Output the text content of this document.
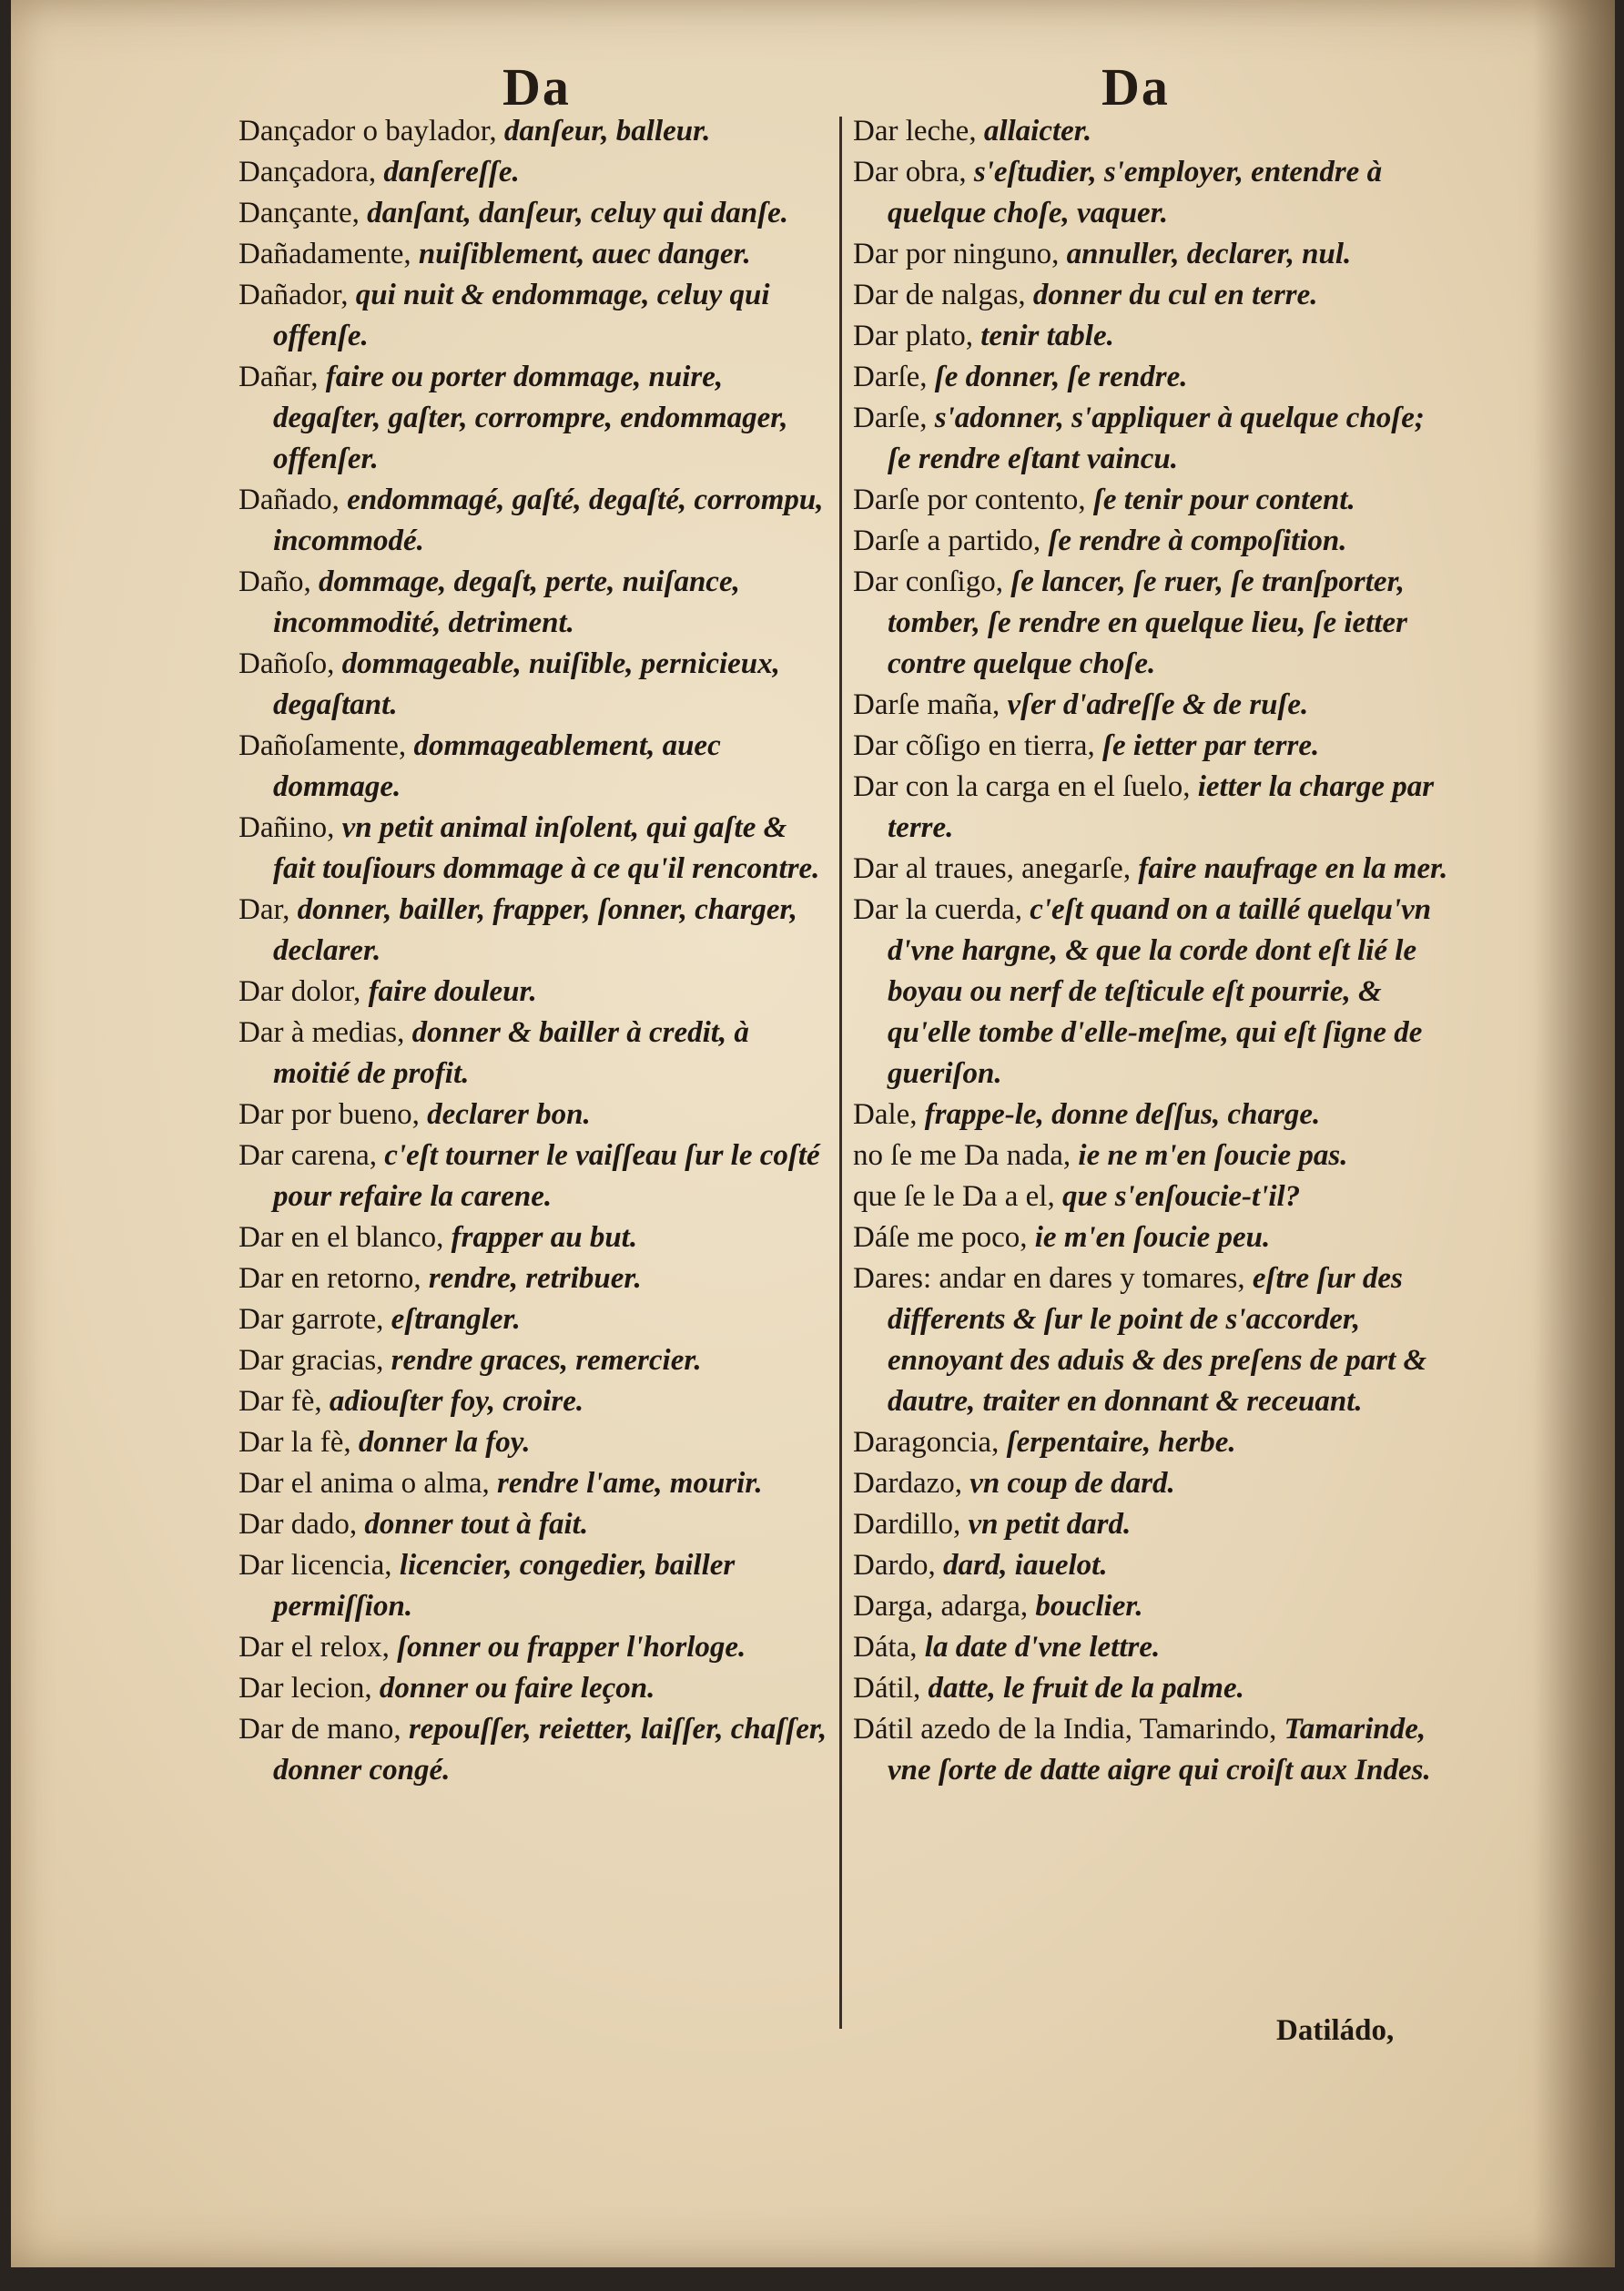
Da	Da

Dançador o baylador, danſeur, balleur.

Dançadora, danſereſſe.

Dançante, danſant, danſeur, celuy qui danſe.

Dañadamente, nuiſiblement, auec danger.

Dañador, qui nuit & endommage, celuy qui offenſe.

Dañar, faire ou porter dommage, nuire, degaſter, gaſter, corrompre, endommager, offenſer.

Dañado, endommagé, gaſté, degaſté, corrompu, incommodé.

Daño, dommage, degaſt, perte, nuiſance, incommodité, detriment.

Dañoſo, dommageable, nuiſible, pernicieux, degaſtant.

Dañoſamente, dommageablement, auec dommage.

Dañino, vn petit animal inſolent, qui gaſte & fait touſiours dommage à ce qu'il rencontre.

Dar, donner, bailler, frapper, ſonner, charger, declarer.

Dar dolor, faire douleur.

Dar à medias, donner & bailler à credit, à moitié de profit.

Dar por bueno, declarer bon.

Dar carena, c'eſt tourner le vaiſſeau ſur le coſté pour refaire la carene.

Dar en el blanco, frapper au but.

Dar en retorno, rendre, retribuer.

Dar garrote, eſtrangler.

Dar gracias, rendre graces, remercier.

Dar fè, adiouſter foy, croire.

Dar la fè, donner la foy.

Dar el anima o alma, rendre l'ame, mourir.

Dar dado, donner tout à fait.

Dar licencia, licencier, congedier, bailler permiſſion.

Dar el relox, ſonner ou frapper l'horloge.

Dar lecion, donner ou faire leçon.

Dar de mano, repouſſer, reietter, laiſſer, chaſſer, donner congé.

Dar leche, allaicter.

Dar obra, s'eſtudier, s'employer, entendre à quelque choſe, vaquer.

Dar por ninguno, annuller, declarer, nul.

Dar de nalgas, donner du cul en terre.

Dar plato, tenir table.

Darſe, ſe donner, ſe rendre.

Darſe, s'adonner, s'appliquer à quelque choſe; ſe rendre eſtant vaincu.

Darſe por contento, ſe tenir pour content.

Darſe a partido, ſe rendre à compoſition.

Dar conſigo, ſe lancer, ſe ruer, ſe tranſporter, tomber, ſe rendre en quelque lieu, ſe ietter contre quelque choſe.

Darſe maña, vſer d'adreſſe & de ruſe.

Dar cõſigo en tierra, ſe ietter par terre.

Dar con la carga en el ſuelo, ietter la charge par terre.

Dar al traues, anegarſe, faire naufrage en la mer.

Dar la cuerda, c'eſt quand on a taillé quelqu'vn d'vne hargne, & que la corde dont eſt lié le boyau ou nerf de teſticule eſt pourrie, & qu'elle tombe d'elle-meſme, qui eſt ſigne de gueriſon.

Dale, frappe-le, donne deſſus, charge.

no ſe me Da nada, ie ne m'en ſoucie pas.

que ſe le Da a el, que s'enſoucie-t'il?

Dáſe me poco, ie m'en ſoucie peu.

Dares: andar en dares y tomares, eſtre ſur des differents & ſur le point de s'accorder, ennoyant des aduis & des preſens de part & dautre, traiter en donnant & receuant.

Daragoncia, ſerpentaire, herbe.

Dardazo, vn coup de dard.

Dardillo, vn petit dard.

Dardo, dard, iauelot.

Darga, adarga, bouclier.

Dáta, la date d'vne lettre.

Dátil, datte, le fruit de la palme.

Dátil azedo de la India, Tamarindo, Tamarinde, vne ſorte de datte aigre qui croiſt aux Indes.

Datiládo,
